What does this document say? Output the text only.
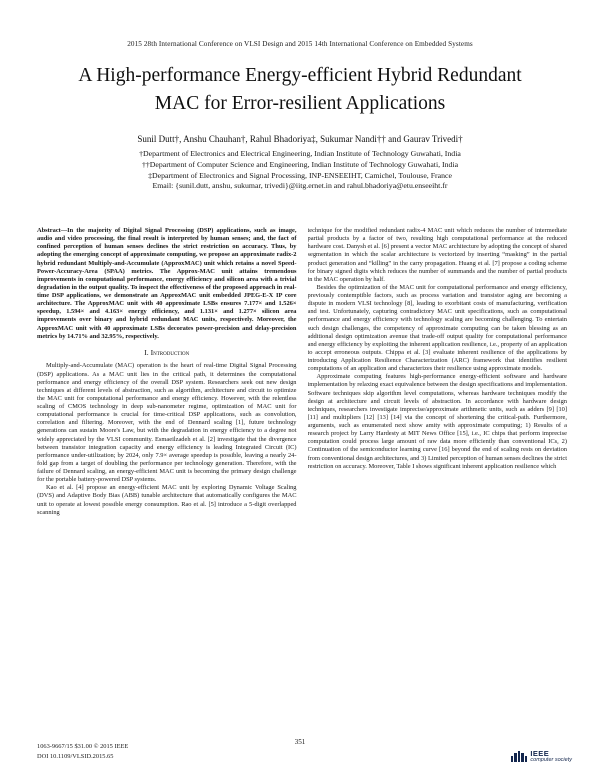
2015 28th International Conference on VLSI Design and 2015 14th International Conference on Embedded Systems
A High-performance Energy-efficient Hybrid Redundant MAC for Error-resilient Applications
Sunil Dutt†, Anshu Chauhan†, Rahul Bhadoriya‡, Sukumar Nandi†† and Gaurav Trivedi†
†Department of Electronics and Electrical Engineering, Indian Institute of Technology Guwahati, India
††Department of Computer Science and Engineering, Indian Institute of Technology Guwahati, India
‡Department of Electronics and Signal Processing, INP-ENSEEIHT, Camichel, Toulouse, France
Email: {sunil.dutt, anshu, sukumar, trivedi}@iitg.ernet.in and rahul.bhadoriya@etu.enseeiht.fr

Abstract—In the majority of Digital Signal Processing (DSP) applications, such as image, audio and video processing, the final result is interpreted by human senses; and, the fact of confined perception of human senses declines the strict restriction on accuracy. Thus, by adopting the emerging concept of approximate computing, we propose an approximate radix-2 hybrid redundant Multiply-and-Accumulate (ApproxMAC) unit which retains a novel Speed-Power-Accuracy-Area (SPAA) metrics. The Approx-MAC unit attains tremendous improvements in computational performance, energy efficiency and silicon area with a trivial degradation in the output quality. To inspect the effectiveness of the proposed approach in real-time DSP applications, we demonstrate an ApproxMAC unit embedded JPEG-E-X IP core architecture. The ApproxMAC unit with 40 approximate LSBs ensures 7.177× and 1.526× speedup, 1.594× and 4.163× energy efficiency, and 1.131× and 1.277× silicon area improvements over binary and hybrid redundant MAC units, respectively. Moreover, the ApproxMAC unit with 40 approximate LSBs decorates power-precision and delay-precision metrics by 14.71% and 32.95%, respectively.

I. Introduction

Multiply-and-Accumulate (MAC) operation is the heart of real-time Digital Signal Processing (DSP) applications. As a MAC unit lies in the critical path, it determines the computational performance and energy efficiency of the overall DSP system. Researchers seek out new design techniques at different levels of abstraction, such as algorithm, architecture and circuit to optimize the MAC unit for computational performance and energy efficiency. However, with the relentless scaling of CMOS technology in deep sub-nanometer regime, optimization of MAC unit for computational performance is crucial for time-critical DSP applications, such as convolution, correlation and filtering. Moreover, with the end of Dennard scaling [1], future technology generations can sustain Moore's Law, but with the degradation in energy efficiency to a degree not widely appreciated by the VLSI community. Esmaeilzadeh et al. [2] investigate that the divergence between transistor integration capacity and energy efficiency is leading Integrated Circuit (IC) performance under-utilization; by 2024, only 7.9× average speedup is possible, leaving a nearly 24-fold gap from a target of doubling the performance per technology generation. Therefore, with the failure of Dennard scaling, an energy-efficient MAC unit is becoming the primary design challenge for the portable battery-powered DSP systems.

Kao et al. [4] propose an energy-efficient MAC unit by exploring Dynamic Voltage Scaling (DVS) and Adaptive Body Bias (ABB) tunable architecture that automatically configures the MAC unit to operate at lowest possible energy consumption. Rao et al. [5] introduce a 5-digit overlapped scanning

technique for the modified redundant radix-4 MAC unit which reduces the number of intermediate partial products by a factor of two, resulting high computational performance at the reduced hardware cost. Danysh et al. [6] present a vector MAC architecture by adopting the concept of shared segmentation in which the scalar architecture is vectorized by inserting “masking” in the partial product generation and “killing” in the carry propagation. Huang et al. [7] propose a coding scheme for binary signed digits which reduces the number of summands and the number of partial products in the MAC operation by half.

Besides the optimization of the MAC unit for computational performance and energy efficiency, previously contemptible factors, such as process variation and transistor aging are becoming a dispute in modern VLSI technology [8], leading to exorbitant costs of manufacturing, verification and test. Unfortunately, capturing contradictory MAC unit specifications, such as computational performance and energy efficiency with technology scaling are becoming challenging. To entertain such design challenges, the competency of approximate computing can be taken blessing as an additional design optimization avenue that trade-off output quality for computational performance and energy efficiency by exploiting the inherent application resilience, i.e., property of an application to accept erroneous outputs. Chippa et al. [3] evaluate inherent resilience of the applications by introducing Application Resilience Characterization (ARC) framework that identifies resilient computations of an application and characterizes their resilience using approximate models.

Approximate computing features high-performance energy-efficient software and hardware implementation by relaxing exact equivalence between the design specifications and implementation. Software techniques skip algorithm level computations, whereas hardware techniques modify the design at architecture and circuit levels of abstraction. In accordance with hardware design techniques, researchers investigate imprecise/approximate arithmetic units, such as adders [9] [10] [11] and multipliers [12] [13] [14] via the concept of shortening the critical-path. Furthermore, arguments, such as enumerated next show amity with approximate computing; 1) Results of a research project by Larry Hardesty at MIT News Office [15], i.e., IC chips that perform imprecise computation could process large amount of raw data more efficiently than conventional ICs, 2) Continuation of the semiconductor learning curve [16] beyond the end of scaling rests on deviation from conventional design architectures, and 3) Limited perception of human senses declines the strict restriction on accuracy. Moreover, Table I shows significant inherent application resilience which

1063-9667/15 $31.00 © 2015 IEEE
DOI 10.1109/VLSID.2015.65
351
IEEE
computer society
